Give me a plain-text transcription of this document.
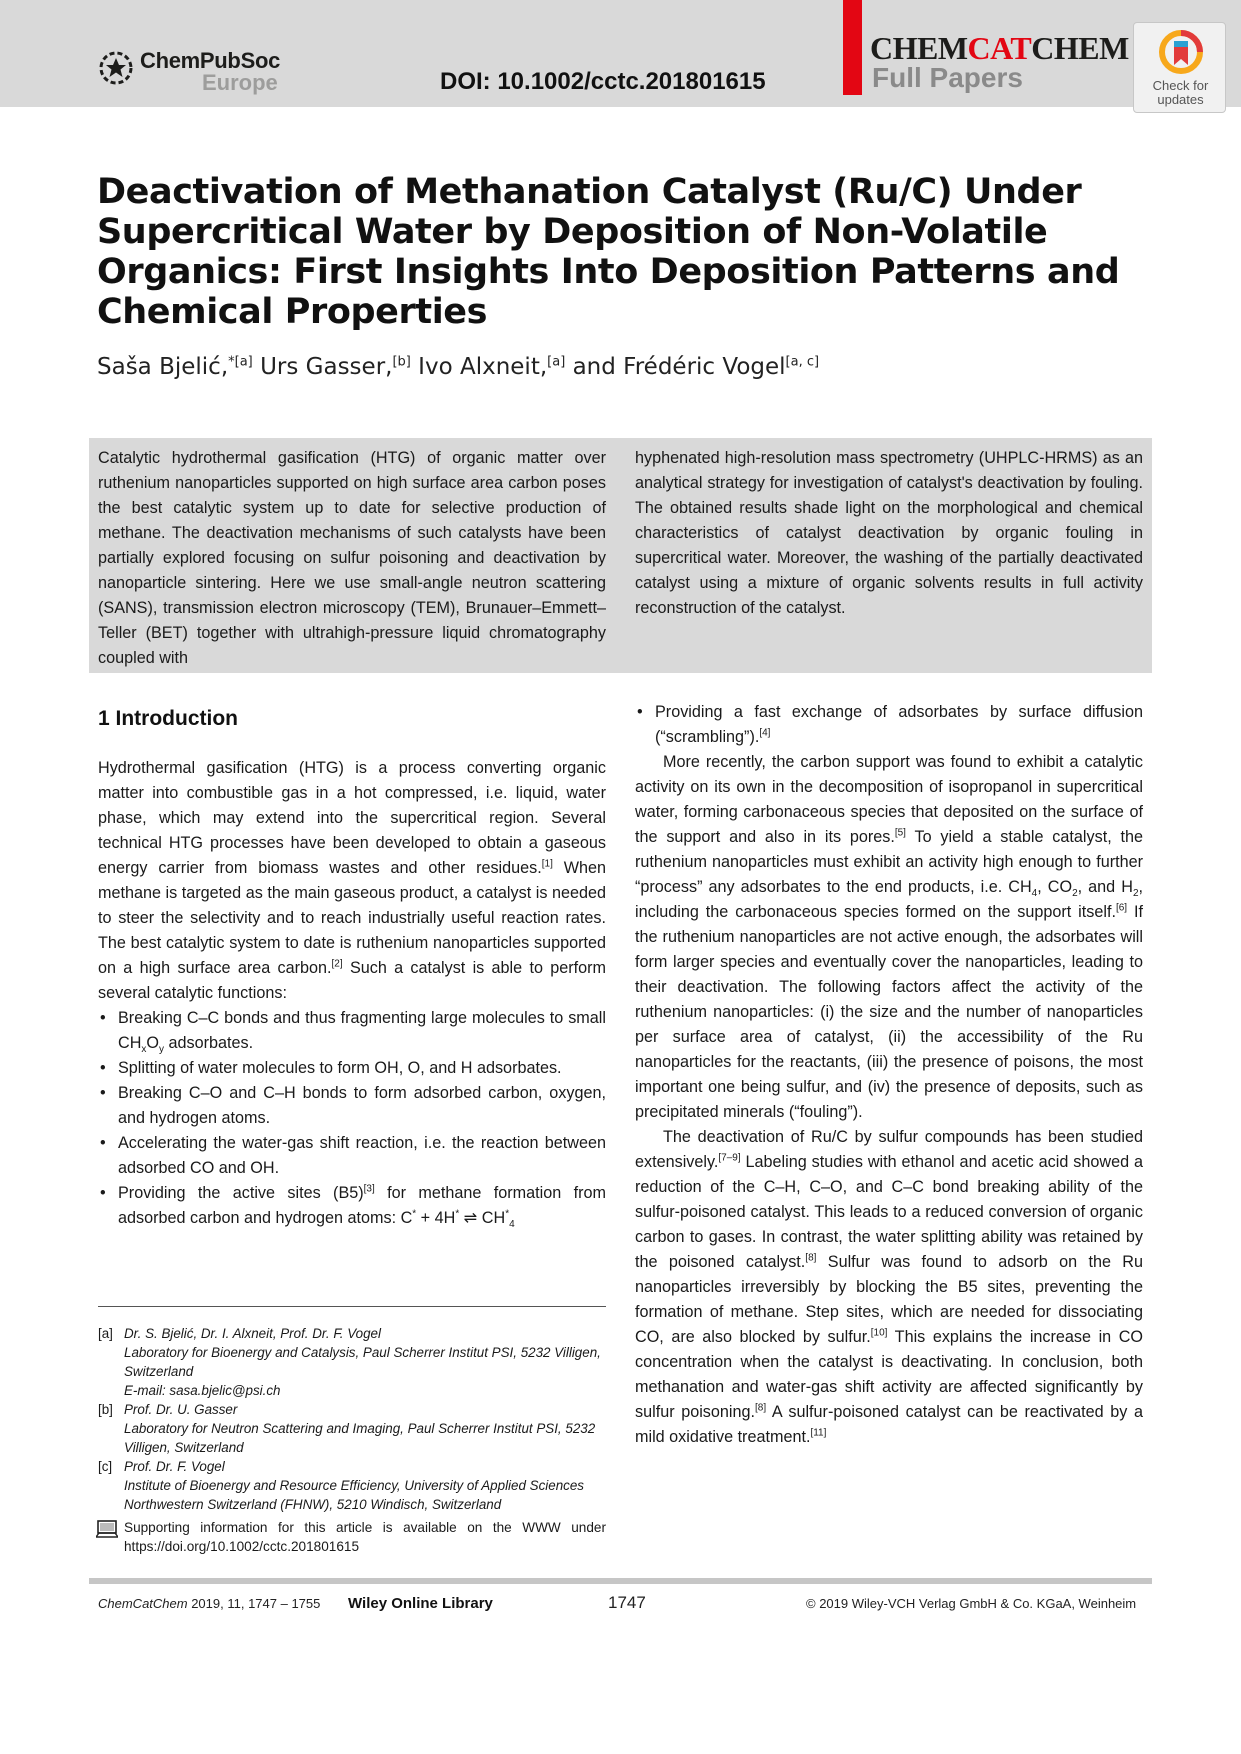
ChemPubSoc
Europe	DOI: 10.1002/cctc.201801615
CHEMCATCHEM
Full Papers	Check for
updates
Deactivation of Methanation Catalyst (Ru/C) Under Supercritical Water by Deposition of Non-Volatile Organics: First Insights Into Deposition Patterns and Chemical Properties
Saša Bjelić,$^{*[a]}$ Urs Gasser,[b] Ivo Alxneit,[a] and Frédéric Vogel[a, c]

Catalytic hydrothermal gasification (HTG) of organic matter over ruthenium nanoparticles supported on high surface area carbon poses the best catalytic system up to date for selective production of methane. The deactivation mechanisms of such catalysts have been partially explored focusing on sulfur poisoning and deactivation by nanoparticle sintering. Here we use small-angle neutron scattering (SANS), transmission electron microscopy (TEM), Brunauer–Emmett–Teller (BET) together with ultrahigh-pressure liquid chromatography coupled with

hyphenated high-resolution mass spectrometry (UHPLC-HRMS) as an analytical strategy for investigation of catalyst's deactivation by fouling. The obtained results shade light on the morphological and chemical characteristics of catalyst deactivation by organic fouling in supercritical water. Moreover, the washing of the partially deactivated catalyst using a mixture of organic solvents results in full activity reconstruction of the catalyst.

1 Introduction

Hydrothermal gasification (HTG) is a process converting organic matter into combustible gas in a hot compressed, i.e. liquid, water phase, which may extend into the supercritical region. Several technical HTG processes have been developed to obtain a gaseous energy carrier from biomass wastes and other residues.[1] When methane is targeted as the main gaseous product, a catalyst is needed to steer the selectivity and to reach industrially useful reaction rates. The best catalytic system to date is ruthenium nanoparticles supported on a high surface area carbon.[2] Such a catalyst is able to perform several catalytic functions:

• Breaking C–C bonds and thus fragmenting large molecules to small $CH_xO_y$ adsorbates.
• Splitting of water molecules to form OH, O, and H adsorbates.
• Breaking C–O and C–H bonds to form adsorbed carbon, oxygen, and hydrogen atoms.
• Accelerating the water-gas shift reaction, i.e. the reaction between adsorbed CO and OH.
• Providing the active sites (B5)[3] for methane formation from adsorbed carbon and hydrogen atoms: C* + 4H* ⇌ $CH^*_4$
[a] Dr. S. Bjelić, Dr. I. Alxneit, Prof. Dr. F. Vogel
Laboratory for Bioenergy and Catalysis, Paul Scherrer Institut PSI, 5232 Villigen, Switzerland
E-mail: sasa.bjelic@psi.ch
[b] Prof. Dr. U. Gasser
Laboratory for Neutron Scattering and Imaging, Paul Scherrer Institut PSI, 5232 Villigen, Switzerland
[c] Prof. Dr. F. Vogel
Institute of Bioenergy and Resource Efficiency, University of Applied Sciences Northwestern Switzerland (FHNW), 5210 Windisch, Switzerland
Supporting information for this article is available on the WWW under https://doi.org/10.1002/cctc.201801615
• Providing a fast exchange of adsorbates by surface diffusion (“scrambling”).[4]

More recently, the carbon support was found to exhibit a catalytic activity on its own in the decomposition of isopropanol in supercritical water, forming carbonaceous species that deposited on the surface of the support and also in its pores.[5] To yield a stable catalyst, the ruthenium nanoparticles must exhibit an activity high enough to further “process” any adsorbates to the end products, i.e. $CH_4$, $CO_2$, and $H_2$, including the carbonaceous species formed on the support itself.[6] If the ruthenium nanoparticles are not active enough, the adsorbates will form larger species and eventually cover the nanoparticles, leading to their deactivation. The following factors affect the activity of the ruthenium nanoparticles: (i) the size and the number of nanoparticles per surface area of catalyst, (ii) the accessibility of the Ru nanoparticles for the reactants, (iii) the presence of poisons, the most important one being sulfur, and (iv) the presence of deposits, such as precipitated minerals (“fouling”).

The deactivation of Ru/C by sulfur compounds has been studied extensively.[7–9] Labeling studies with ethanol and acetic acid showed a reduction of the C–H, C–O, and C–C bond breaking ability of the sulfur-poisoned catalyst. This leads to a reduced conversion of organic carbon to gases. In contrast, the water splitting ability was retained by the poisoned catalyst.[8] Sulfur was found to adsorb on the Ru nanoparticles irreversibly by blocking the B5 sites, preventing the formation of methane. Step sites, which are needed for dissociating CO, are also blocked by sulfur.[10] This explains the increase in CO concentration when the catalyst is deactivating. In conclusion, both methanation and water-gas shift activity are affected significantly by sulfur poisoning.[8] A sulfur-poisoned catalyst can be reactivated by a mild oxidative treatment.[11]

ChemCatChem 2019, 11, 1747 – 1755 Wiley Online Library	1747	© 2019 Wiley-VCH Verlag GmbH & Co. KGaA, Weinheim
